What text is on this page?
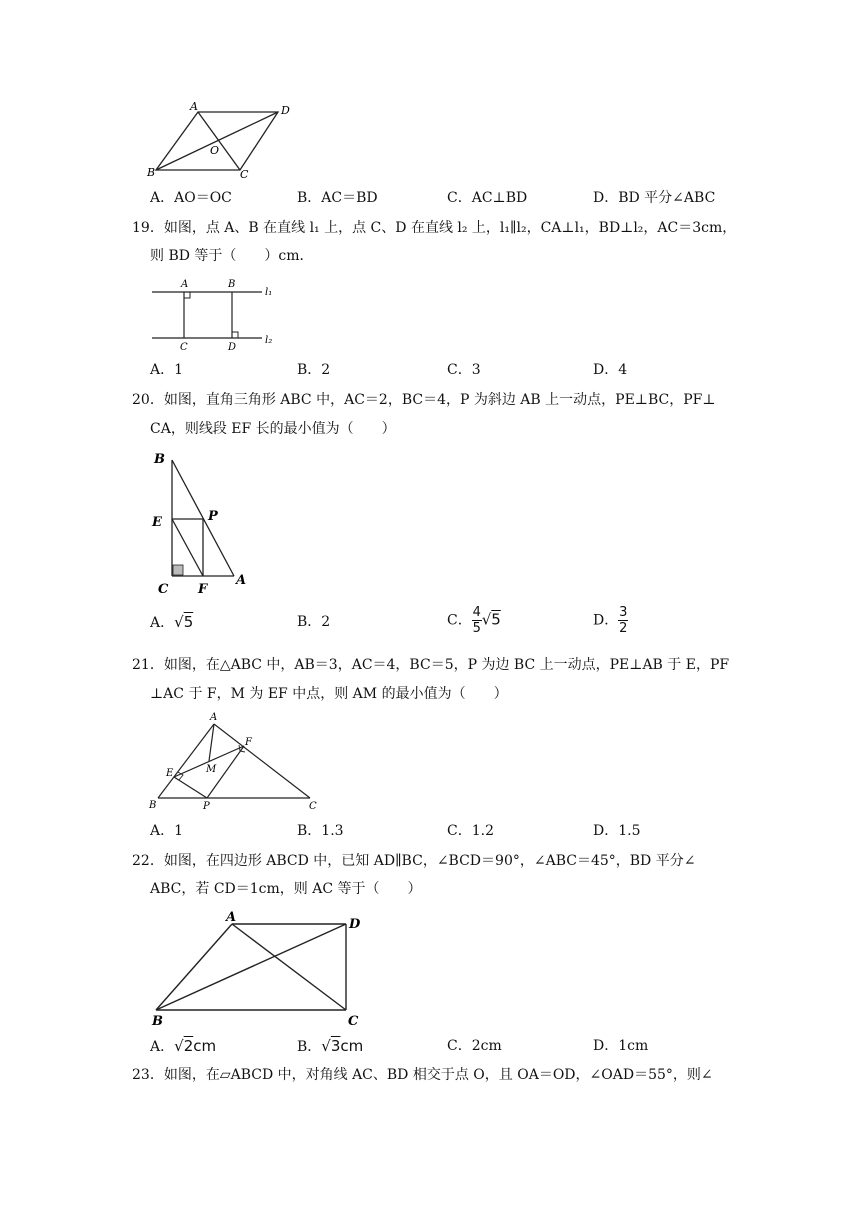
A	D
O
B	C
A．AO＝OC	B．AC＝BD	C．AC⊥BD	D．BD 平分∠ABC
19．如图，点 A、B 在直线 l₁ 上，点 C、D 在直线 l₂ 上，l₁∥l₂，CA⊥l₁，BD⊥l₂，AC＝3cm，
则 BD 等于（　　）cm．
A	B
l₁
C	D
l₂
A．1	B．2	C．3	D．4
20．如图，直角三角形 ABC 中，AC＝2，BC＝4，P 为斜边 AB 上一动点，PE⊥BC，PF⊥
CA，则线段 EF 长的最小值为（　　）
B
E	P
C F
A
A．√5	B．2	C． $\frac{4}{5} √5$	D． $\frac{3}{2}$
21．如图，在△ABC 中，AB＝3，AC＝4，BC＝5，P 为边 BC 上一动点，PE⊥AB 于 E，PF
⊥AC 于 F，M 为 EF 中点，则 AM 的最小值为（　　）
A
F
M
E
B	P	C
A．1	B．1.3	C．1.2	D．1.5
22．如图，在四边形 ABCD 中，已知 AD∥BC，∠BCD＝90°，∠ABC＝45°，BD 平分∠
ABC，若 CD＝1cm，则 AC 等于（　　）
A	D
B	C
A．√2cm	B．√3cm	C．2cm	D．1cm
23．如图，在▱ABCD 中，对角线 AC、BD 相交于点 O，且 OA＝OD，∠OAD＝55°，则∠
